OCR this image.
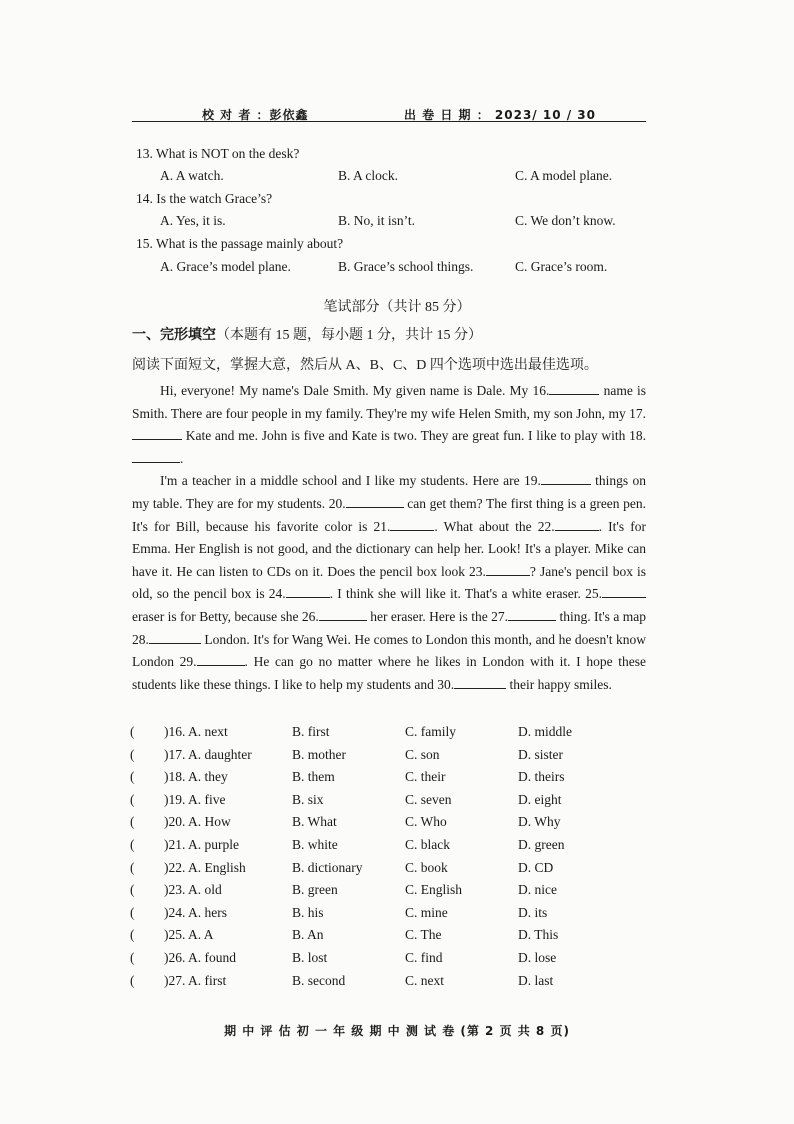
校 对 者 ：彭依鑫	出 卷 日 期 ： 2023/ 10 / 30
13. What is NOT on the desk?
A. A watch.	B. A clock.	C. A model plane.
14. Is the watch Grace’s?
A. Yes, it is.	B. No, it isn’t.	C. We don’t know.
15. What is the passage mainly about?
A. Grace’s model plane.	B. Grace’s school things.	C. Grace’s room.
笔试部分（共计 85 分）
一、完形填空（本题有 15 题，每小题 1 分，共计 15 分）
阅读下面短文，掌握大意，然后从 A、B、C、D 四个选项中选出最佳选项。

Hi, everyone! My name's Dale Smith. My given name is Dale. My 16.	name is Smith. There are four people in my family. They're my wife Helen Smith, my son John, my 17. Kate and me. John is five and Kate is two. They are great fun. I like to play with 18..

I'm a teacher in a middle school and I like my students. Here are 19.	things on my table. They are for my students. 20.	can get them? The first thing is a green pen. It's for Bill, because his favorite color is 21.	. What about the 22.	. It's for Emma. Her English is not good, and the dictionary can help her. Look! It's a player. Mike can have it. He can listen to CDs on it. Does the pencil box look 23.	? Jane's pencil box is old, so the pencil box is 24.	. I think she will like it. That's a white eraser. 25. eraser is for Betty, because she 26.	her eraser. Here is the 27.	thing. It's a map 28.	London. It's for Wang Wei. He comes to London this month, and he doesn't know London 29.	. He can go no matter where he likes in London with it. I hope these students like these things. I like to help my students and 30.	their happy smiles.

( )16. A. next	B. first	C. family	D. middle
( )17. A. daughter	B. mother	C. son	D. sister
( )18. A. they	B. them	C. their	D. theirs
( )19. A. five	B. six	C. seven	D. eight
( )20. A. How	B. What	C. Who	D. Why
( )21. A. purple	B. white	C. black	D. green
( )22. A. English	B. dictionary	C. book	D. CD
( )23. A. old	B. green	C. English	D. nice
( )24. A. hers	B. his	C. mine	D. its
( )25. A. A	B. An	C. The	D. This
( )26. A. found	B. lost	C. find	D. lose
( )27. A. first	B. second	C. next	D. last
期 中 评 估 初 一 年 级 期 中 测 试 卷 (第 2 页 共 8 页)
